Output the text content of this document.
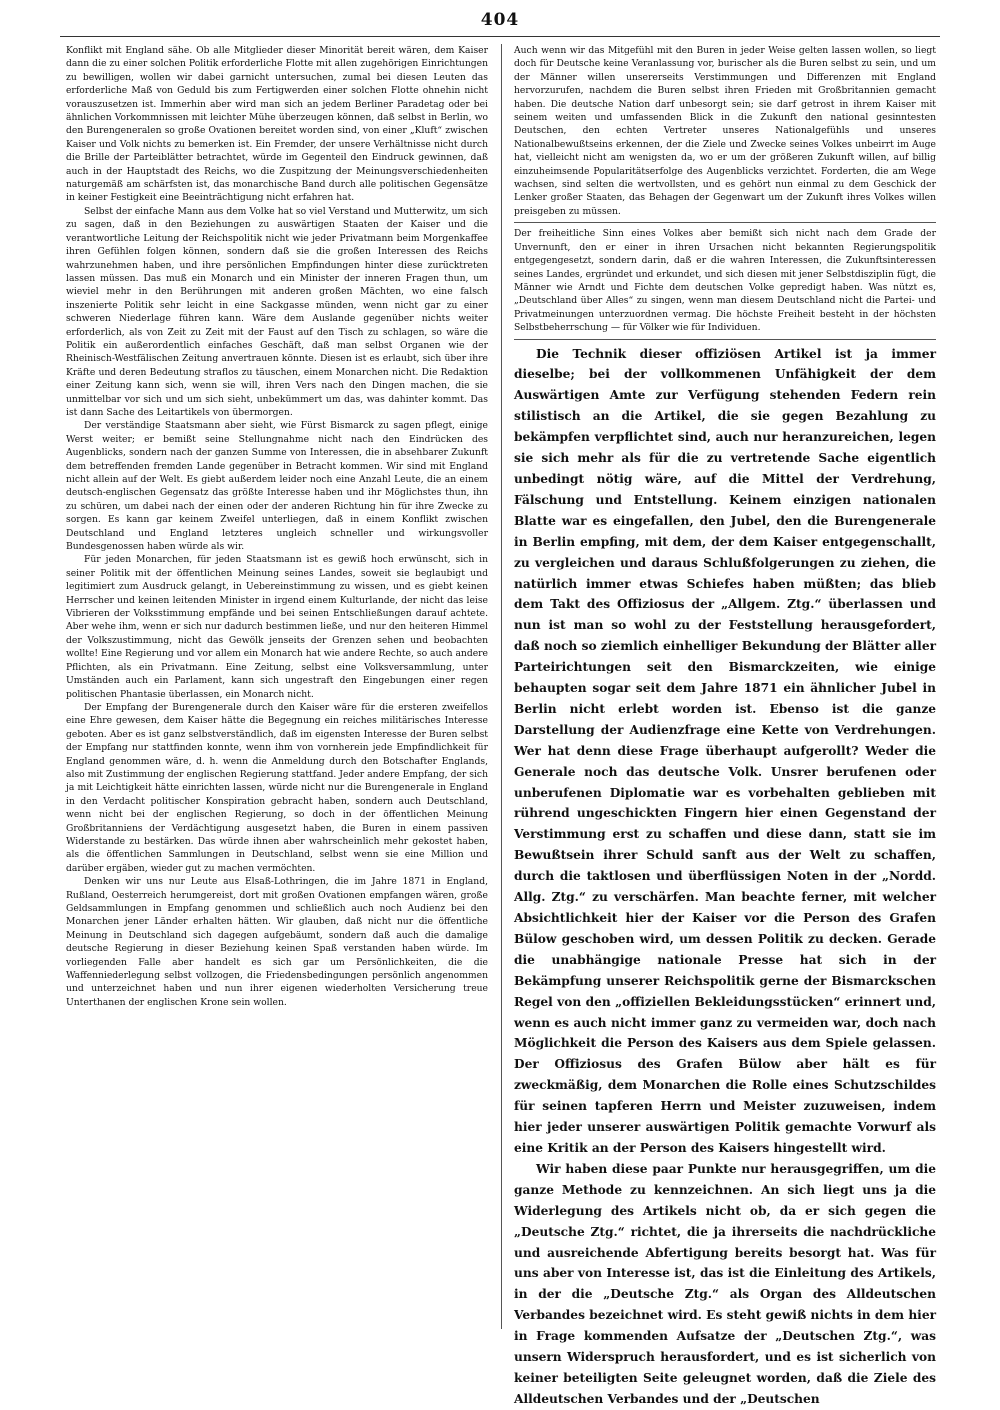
404

Konflikt mit England sähe. Ob alle Mitglieder dieser Minorität bereit wären, dem Kaiser dann die zu einer solchen Politik erforderliche Flotte mit allen zugehörigen Einrichtungen zu bewilligen, wollen wir dabei garnicht untersuchen, zumal bei diesen Leuten das erforderliche Maß von Geduld bis zum Fertigwerden einer solchen Flotte ohnehin nicht vorauszusetzen ist. Immerhin aber wird man sich an jedem Berliner Paradetag oder bei ähnlichen Vorkommnissen mit leichter Mühe überzeugen können, daß selbst in Berlin, wo den Burengeneralen so große Ovationen bereitet worden sind, von einer „Kluft“ zwischen Kaiser und Volk nichts zu bemerken ist. Ein Fremder, der unsere Verhältnisse nicht durch die Brille der Parteiblätter betrachtet, würde im Gegenteil den Eindruck gewinnen, daß auch in der Hauptstadt des Reichs, wo die Zuspitzung der Meinungsverschiedenheiten naturgemäß am schärfsten ist, das monarchische Band durch alle politischen Gegensätze in keiner Festigkeit eine Beeinträchtigung nicht erfahren hat.

Selbst der einfache Mann aus dem Volke hat so viel Verstand und Mutterwitz, um sich zu sagen, daß in den Beziehungen zu auswärtigen Staaten der Kaiser und die verantwortliche Leitung der Reichspolitik nicht wie jeder Privatmann beim Morgenkaffee ihren Gefühlen folgen können, sondern daß sie die großen Interessen des Reichs wahrzunehmen haben, und ihre persönlichen Empfindungen hinter diese zurücktreten lassen müssen. Das muß ein Monarch und ein Minister der inneren Fragen thun, um wieviel mehr in den Berührungen mit anderen großen Mächten, wo eine falsch inszenierte Politik sehr leicht in eine Sackgasse münden, wenn nicht gar zu einer schweren Niederlage führen kann. Wäre dem Auslande gegenüber nichts weiter erforderlich, als von Zeit zu Zeit mit der Faust auf den Tisch zu schlagen, so wäre die Politik ein außerordentlich einfaches Geschäft, daß man selbst Organen wie der Rheinisch-Westfälischen Zeitung anvertrauen könnte. Diesen ist es erlaubt, sich über ihre Kräfte und deren Bedeutung straflos zu täuschen, einem Monarchen nicht. Die Redaktion einer Zeitung kann sich, wenn sie will, ihren Vers nach den Dingen machen, die sie unmittelbar vor sich und um sich sieht, unbekümmert um das, was dahinter kommt. Das ist dann Sache des Leitartikels von übermorgen.

Der verständige Staatsmann aber sieht, wie Fürst Bismarck zu sagen pflegt, einige Werst weiter; er bemißt seine Stellungnahme nicht nach den Eindrücken des Augenblicks, sondern nach der ganzen Summe von Interessen, die in absehbarer Zukunft dem betreffenden fremden Lande gegenüber in Betracht kommen. Wir sind mit England nicht allein auf der Welt. Es giebt außerdem leider noch eine Anzahl Leute, die an einem deutsch-englischen Gegensatz das größte Interesse haben und ihr Möglichstes thun, ihn zu schüren, um dabei nach der einen oder der anderen Richtung hin für ihre Zwecke zu sorgen. Es kann gar keinem Zweifel unterliegen, daß in einem Konflikt zwischen Deutschland und England letzteres ungleich schneller und wirkungsvoller Bundesgenossen haben würde als wir.

Für jeden Monarchen, für jeden Staatsmann ist es gewiß hoch erwünscht, sich in seiner Politik mit der öffentlichen Meinung seines Landes, soweit sie beglaubigt und legitimiert zum Ausdruck gelangt, in Uebereinstimmung zu wissen, und es giebt keinen Herrscher und keinen leitenden Minister in irgend einem Kulturlande, der nicht das leise Vibrieren der Volksstimmung empfände und bei seinen Entschließungen darauf achtete. Aber wehe ihm, wenn er sich nur dadurch bestimmen ließe, und nur den heiteren Himmel der Volkszustimmung, nicht das Gewölk jenseits der Grenzen sehen und beobachten wollte! Eine Regierung und vor allem ein Monarch hat wie andere Rechte, so auch andere Pflichten, als ein Privatmann. Eine Zeitung, selbst eine Volksversammlung, unter Umständen auch ein Parlament, kann sich ungestraft den Eingebungen einer regen politischen Phantasie überlassen, ein Monarch nicht.

Der Empfang der Burengenerale durch den Kaiser wäre für die ersteren zweifellos eine Ehre gewesen, dem Kaiser hätte die Begegnung ein reiches militärisches Interesse geboten. Aber es ist ganz selbstverständlich, daß im eigensten Interesse der Buren selbst der Empfang nur stattfinden konnte, wenn ihm von vornherein jede Empfindlichkeit für England genommen wäre, d. h. wenn die Anmeldung durch den Botschafter Englands, also mit Zustimmung der englischen Regierung stattfand. Jeder andere Empfang, der sich ja mit Leichtigkeit hätte einrichten lassen, würde nicht nur die Burengenerale in England in den Verdacht politischer Konspiration gebracht haben, sondern auch Deutschland, wenn nicht bei der englischen Regierung, so doch in der öffentlichen Meinung Großbritanniens der Verdächtigung ausgesetzt haben, die Buren in einem passiven Widerstande zu bestärken. Das würde ihnen aber wahrscheinlich mehr gekostet haben, als die öffentlichen Sammlungen in Deutschland, selbst wenn sie eine Million und darüber ergäben, wieder gut zu machen vermöchten.

Denken wir uns nur Leute aus Elsaß-Lothringen, die im Jahre 1871 in England, Rußland, Oesterreich herumgereist, dort mit großen Ovationen empfangen wären, große Geldsammlungen in Empfang genommen und schließlich auch noch Audienz bei den Monarchen jener Länder erhalten hätten. Wir glauben, daß nicht nur die öffentliche Meinung in Deutschland sich dagegen aufgebäumt, sondern daß auch die damalige deutsche Regierung in dieser Beziehung keinen Spaß verstanden haben würde. Im vorliegenden Falle aber handelt es sich gar um Persönlichkeiten, die die Waffenniederlegung selbst vollzogen, die Friedensbedingungen persönlich angenommen und unterzeichnet haben und nun ihrer eigenen wiederholten Versicherung treue Unterthanen der englischen Krone sein wollen.

Auch wenn wir das Mitgefühl mit den Buren in jeder Weise gelten lassen wollen, so liegt doch für Deutsche keine Veranlassung vor, burischer als die Buren selbst zu sein, und um der Männer willen unsererseits Verstimmungen und Differenzen mit England hervorzurufen, nachdem die Buren selbst ihren Frieden mit Großbritannien gemacht haben. Die deutsche Nation darf unbesorgt sein; sie darf getrost in ihrem Kaiser mit seinem weiten und umfassenden Blick in die Zukunft den national gesinntesten Deutschen, den echten Vertreter unseres Nationalgefühls und unseres Nationalbewußtseins erkennen, der die Ziele und Zwecke seines Volkes unbeirrt im Auge hat, vielleicht nicht am wenigsten da, wo er um der größeren Zukunft willen, auf billig einzuheimsende Popularitätserfolge des Augenblicks verzichtet. Forderten, die am Wege wachsen, sind selten die wertvollsten, und es gehört nun einmal zu dem Geschick der Lenker großer Staaten, das Behagen der Gegenwart um der Zukunft ihres Volkes willen preisgeben zu müssen.

Der freiheitliche Sinn eines Volkes aber bemißt sich nicht nach dem Grade der Unvernunft, den er einer in ihren Ursachen nicht bekannten Regierungspolitik entgegengesetzt, sondern darin, daß er die wahren Interessen, die Zukunftsinteressen seines Landes, ergründet und erkundet, und sich diesen mit jener Selbstdisziplin fügt, die Männer wie Arndt und Fichte dem deutschen Volke gepredigt haben. Was nützt es, „Deutschland über Alles“ zu singen, wenn man diesem Deutschland nicht die Partei- und Privatmeinungen unterzuordnen vermag. Die höchste Freiheit besteht in der höchsten Selbstbeherrschung — für Völker wie für Individuen.

Die Technik dieser offiziösen Artikel ist ja immer dieselbe; bei der vollkommenen Unfähigkeit der dem Auswärtigen Amte zur Verfügung stehenden Federn rein stilistisch an die Artikel, die sie gegen Bezahlung zu bekämpfen verpflichtet sind, auch nur heranzureichen, legen sie sich mehr als für die zu vertretende Sache eigentlich unbedingt nötig wäre, auf die Mittel der Verdrehung, Fälschung und Entstellung. Keinem einzigen nationalen Blatte war es eingefallen, den Jubel, den die Burengenerale in Berlin empfing, mit dem, der dem Kaiser entgegenschallt, zu vergleichen und daraus Schlußfolgerungen zu ziehen, die natürlich immer etwas Schiefes haben müßten; das blieb dem Takt des Offiziosus der „Allgem. Ztg.“ überlassen und nun ist man so wohl zu der Feststellung herausgefordert, daß noch so ziemlich einhelliger Bekundung der Blätter aller Parteirichtungen seit den Bismarckzeiten, wie einige behaupten sogar seit dem Jahre 1871 ein ähnlicher Jubel in Berlin nicht erlebt worden ist. Ebenso ist die ganze Darstellung der Audienzfrage eine Kette von Verdrehungen. Wer hat denn diese Frage überhaupt aufgerollt? Weder die Generale noch das deutsche Volk. Unsrer berufenen oder unberufenen Diplomatie war es vorbehalten geblieben mit rührend ungeschickten Fingern hier einen Gegenstand der Verstimmung erst zu schaffen und diese dann, statt sie im Bewußtsein ihrer Schuld sanft aus der Welt zu schaffen, durch die taktlosen und überflüssigen Noten in der „Nordd. Allg. Ztg.“ zu verschärfen. Man beachte ferner, mit welcher Absichtlichkeit hier der Kaiser vor die Person des Grafen Bülow geschoben wird, um dessen Politik zu decken. Gerade die unabhängige nationale Presse hat sich in der Bekämpfung unserer Reichspolitik gerne der Bismarckschen Regel von den „offiziellen Bekleidungsstücken“ erinnert und, wenn es auch nicht immer ganz zu vermeiden war, doch nach Möglichkeit die Person des Kaisers aus dem Spiele gelassen. Der Offiziosus des Grafen Bülow aber hält es für zweckmäßig, dem Monarchen die Rolle eines Schutzschildes für seinen tapferen Herrn und Meister zuzuweisen, indem hier jeder unserer auswärtigen Politik gemachte Vorwurf als eine Kritik an der Person des Kaisers hingestellt wird.

Wir haben diese paar Punkte nur herausgegriffen, um die ganze Methode zu kennzeichnen. An sich liegt uns ja die Widerlegung des Artikels nicht ob, da er sich gegen die „Deutsche Ztg.“ richtet, die ja ihrerseits die nachdrückliche und ausreichende Abfertigung bereits besorgt hat. Was für uns aber von Interesse ist, das ist die Einleitung des Artikels, in der die „Deutsche Ztg.“ als Organ des Alldeutschen Verbandes bezeichnet wird. Es steht gewiß nichts in dem hier in Frage kommenden Aufsatze der „Deutschen Ztg.“, was unsern Widerspruch herausfordert, und es ist sicherlich von keiner beteiligten Seite geleugnet worden, daß die Ziele des Alldeutschen Verbandes und der „Deutschen
